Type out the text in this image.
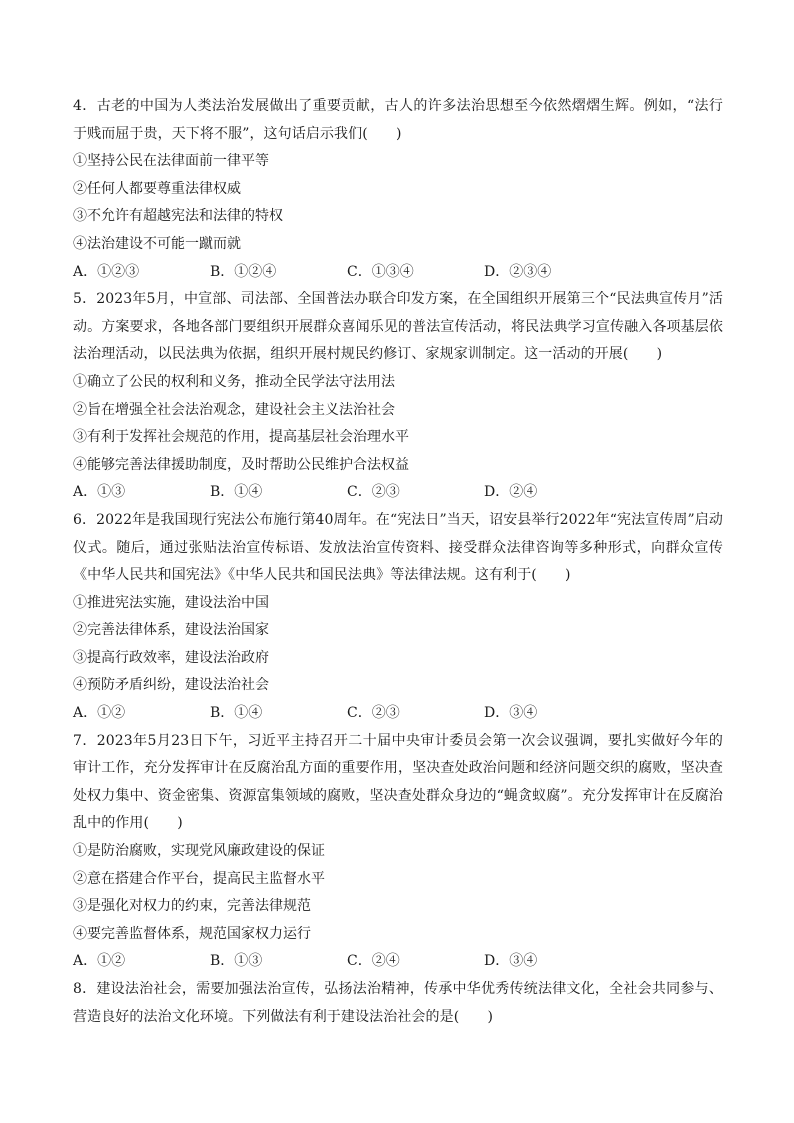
4．古老的中国为人类法治发展做出了重要贡献，古人的许多法治思想至今依然熠熠生辉。例如，“法行于贱而屈于贵，天下将不服”，这句话启示我们(　　)

①坚持公民在法律面前一律平等

②任何人都要尊重法律权威

③不允许有超越宪法和法律的特权

④法治建设不可能一蹴而就

A．①②③	B．①②④	C．①③④	D．②③④

5．2023年5月，中宣部、司法部、全国普法办联合印发方案，在全国组织开展第三个“民法典宣传月”活动。方案要求，各地各部门要组织开展群众喜闻乐见的普法宣传活动，将民法典学习宣传融入各项基层依法治理活动，以民法典为依据，组织开展村规民约修订、家规家训制定。这一活动的开展(　　)

①确立了公民的权利和义务，推动全民学法守法用法

②旨在增强全社会法治观念，建设社会主义法治社会

③有利于发挥社会规范的作用，提高基层社会治理水平

④能够完善法律援助制度，及时帮助公民维护合法权益

A．①③	B．①④	C．②③	D．②④

6．2022年是我国现行宪法公布施行第40周年。在“宪法日”当天，诏安县举行2022年“宪法宣传周”启动仪式。随后，通过张贴法治宣传标语、发放法治宣传资料、接受群众法律咨询等多种形式，向群众宣传《中华人民共和国宪法》《中华人民共和国民法典》等法律法规。这有利于(　　)

①推进宪法实施，建设法治中国

②完善法律体系，建设法治国家

③提高行政效率，建设法治政府

④预防矛盾纠纷，建设法治社会

A．①②	B．①④	C．②③	D．③④

7．2023年5月23日下午，习近平主持召开二十届中央审计委员会第一次会议强调，要扎实做好今年的审计工作，充分发挥审计在反腐治乱方面的重要作用，坚决查处政治问题和经济问题交织的腐败，坚决查处权力集中、资金密集、资源富集领域的腐败，坚决查处群众身边的“蝇贪蚁腐”。充分发挥审计在反腐治乱中的作用(　　)

①是防治腐败，实现党风廉政建设的保证

②意在搭建合作平台，提高民主监督水平

③是强化对权力的约束，完善法律规范

④要完善监督体系，规范国家权力运行

A．①②	B．①③	C．②④	D．③④

8．建设法治社会，需要加强法治宣传，弘扬法治精神，传承中华优秀传统法律文化，全社会共同参与、营造良好的法治文化环境。下列做法有利于建设法治社会的是(　　)
